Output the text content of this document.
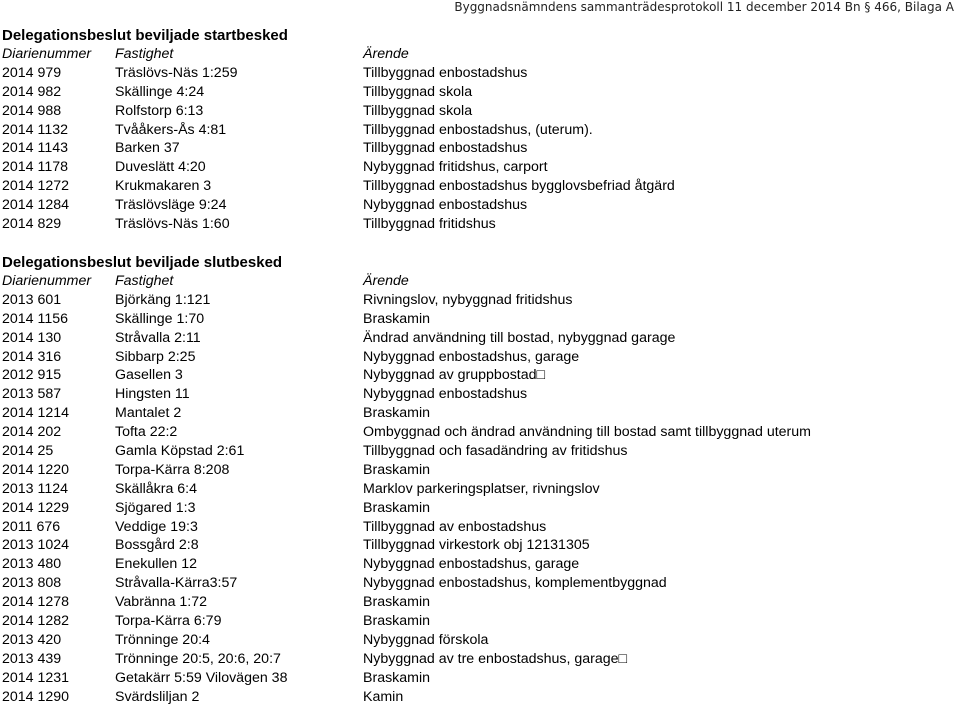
Byggnadsnämndens sammanträdesprotokoll 11 december 2014 Bn § 466, Bilaga A
Delegationsbeslut beviljade startbesked
Diarienummer Fastighet	Ärende
2014 979	Träslövs-Näs 1:259	Tillbyggnad enbostadshus
2014 982	Skällinge 4:24	Tillbyggnad skola
2014 988	Rolfstorp 6:13	Tillbyggnad skola
2014 1132	Tvååkers-Ås 4:81	Tillbyggnad enbostadshus, (uterum).
2014 1143	Barken 37	Tillbyggnad enbostadshus
2014 1178	Duveslätt 4:20	Nybyggnad fritidshus, carport
2014 1272	Krukmakaren 3	Tillbyggnad enbostadshus bygglovsbefriad åtgärd
2014 1284	Träslövsläge 9:24	Nybyggnad enbostadshus
2014 829	Träslövs-Näs 1:60	Tillbyggnad fritidshus
Delegationsbeslut beviljade slutbesked
Diarienummer Fastighet	Ärende
2013 601	Björkäng 1:121	Rivningslov, nybyggnad fritidshus
2014 1156	Skällinge 1:70	Braskamin
2014 130	Stråvalla 2:11	Ändrad användning till bostad, nybyggnad garage
2014 316	Sibbarp 2:25	Nybyggnad enbostadshus, garage
2012 915	Gasellen 3	Nybyggnad av gruppbostad□
2013 587	Hingsten 11	Nybyggnad enbostadshus
2014 1214	Mantalet 2	Braskamin
2014 202	Tofta 22:2	Ombyggnad och ändrad användning till bostad samt tillbyggnad uterum
2014 25	Gamla Köpstad 2:61	Tillbyggnad och fasadändring av fritidshus
2014 1220	Torpa-Kärra 8:208	Braskamin
2013 1124	Skällåkra 6:4	Marklov parkeringsplatser, rivningslov
2014 1229	Sjögared 1:3	Braskamin
2011 676	Veddige 19:3	Tillbyggnad av enbostadshus
2013 1024	Bossgård 2:8	Tillbyggnad virkestork obj 12131305
2013 480	Enekullen 12	Nybyggnad enbostadshus, garage
2013 808	Stråvalla-Kärra3:57	Nybyggnad enbostadshus, komplementbyggnad
2014 1278	Vabränna 1:72	Braskamin
2014 1282	Torpa-Kärra 6:79	Braskamin
2013 420	Trönninge 20:4	Nybyggnad förskola
2013 439	Trönninge 20:5, 20:6, 20:7	Nybyggnad av tre enbostadshus, garage□
2014 1231	Getakärr 5:59 Vilovägen 38	Braskamin
2014 1290	Svärdsliljan 2	Kamin
